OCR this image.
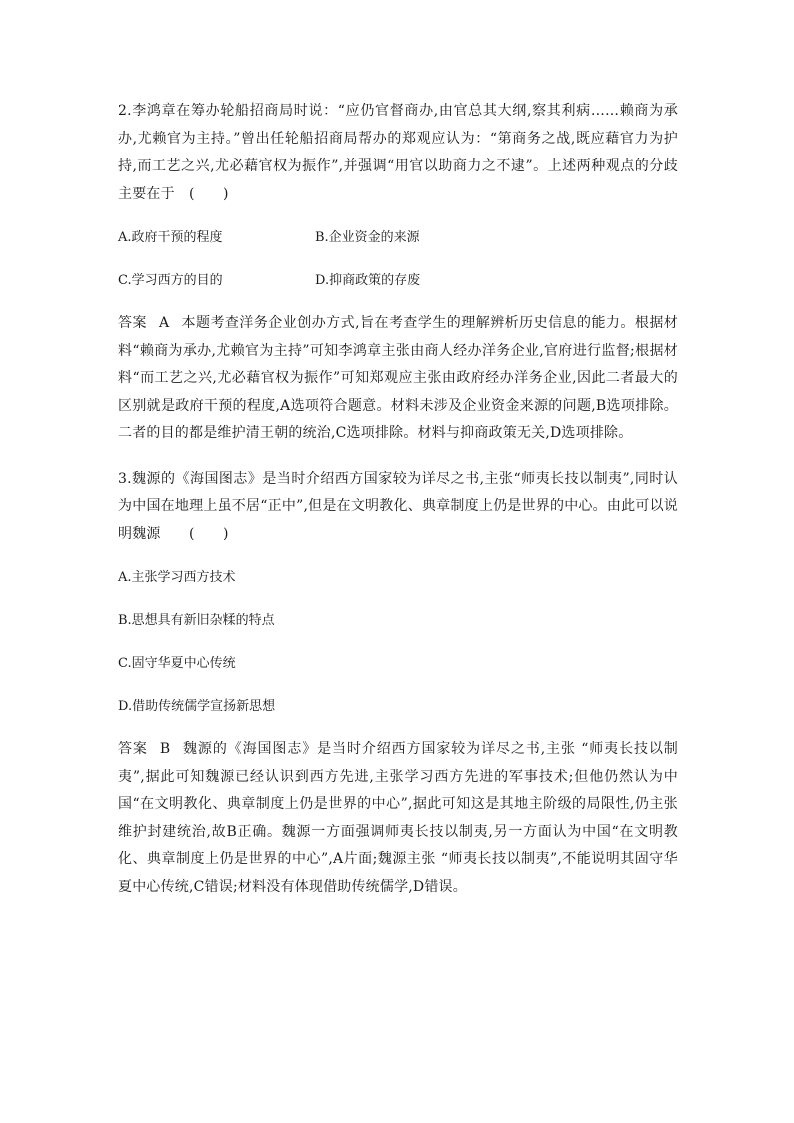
2.李鸿章在筹办轮船招商局时说：“应仍官督商办,由官总其大纲,察其利病……赖商为承办,尤赖官为主持。”曾出任轮船招商局帮办的郑观应认为：“第商务之战,既应藉官力为护持,而工艺之兴,尤必藉官权为振作”,并强调“用官以助商力之不逮”。上述两种观点的分歧主要在于　(　　)

A.政府干预的程度	B.企业资金的来源
C.学习西方的目的	D.抑商政策的存废

答案 A 本题考查洋务企业创办方式,旨在考查学生的理解辨析历史信息的能力。根据材料“赖商为承办,尤赖官为主持”可知李鸿章主张由商人经办洋务企业,官府进行监督;根据材料“而工艺之兴,尤必藉官权为振作”可知郑观应主张由政府经办洋务企业,因此二者最大的区别就是政府干预的程度,A选项符合题意。材料未涉及企业资金来源的问题,B选项排除。二者的目的都是维护清王朝的统治,C选项排除。材料与抑商政策无关,D选项排除。

3.魏源的《海国图志》是当时介绍西方国家较为详尽之书,主张“师夷长技以制夷”,同时认为中国在地理上虽不居“正中”,但是在文明教化、典章制度上仍是世界的中心。由此可以说明魏源　　(　　)

A.主张学习西方技术

B.思想具有新旧杂糅的特点

C.固守华夏中心传统

D.借助传统儒学宣扬新思想

答案 B 魏源的《海国图志》是当时介绍西方国家较为详尽之书,主张 “师夷长技以制夷”,据此可知魏源已经认识到西方先进,主张学习西方先进的军事技术;但他仍然认为中国“在文明教化、典章制度上仍是世界的中心”,据此可知这是其地主阶级的局限性,仍主张维护封建统治,故B正确。魏源一方面强调师夷长技以制夷,另一方面认为中国“在文明教化、典章制度上仍是世界的中心”,A片面;魏源主张 “师夷长技以制夷”,不能说明其固守华夏中心传统,C错误;材料没有体现借助传统儒学,D错误。
